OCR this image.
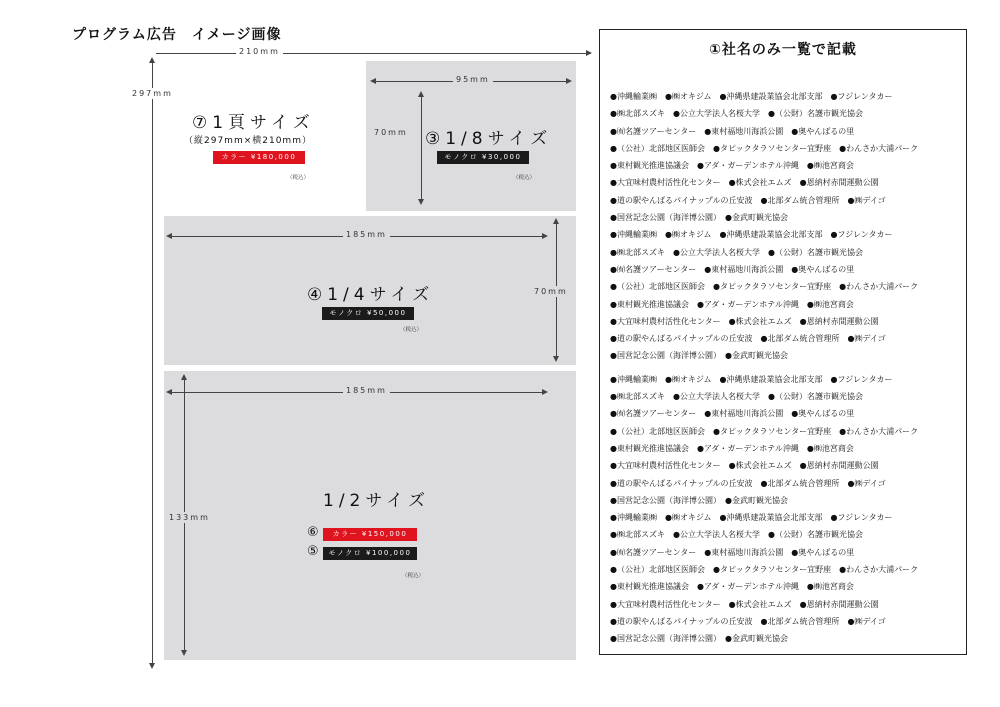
プログラム広告　イメージ画像
210mm
297mm
⑦1頁サイズ
（縦297mm×横210mm）
カラー ¥180,000
（税込）
95mm
70mm ③1/8サイズ
モノクロ ¥30,000
（税込）
185mm
70mm
④1/4サイズ
モノクロ ¥50,000
（税込）
185mm
133mm
1/2サイズ
⑥	カラー ¥150,000
⑤	モノクロ ¥100,000
（税込）
①社名のみ一覧で記載
●沖縄輸業㈱　●㈱オキジム　●沖縄県建設業協会北部支部　●フジレンタカー
●㈱北部スズキ　●公立大学法人名桜大学　●（公財）名護市観光協会
●㈲名護ツアーセンター　●東村福地川海浜公園　●奥やんばるの里
●（公社）北部地区医師会　●タピックタラソセンター宜野座　●わんさか大浦パーク
●東村観光推進協議会　●アダ・ガーデンホテル沖縄　●㈱池宮商会
●大宜味村農村活性化センター　●株式会社エムズ　●恩納村赤間運動公園
●道の駅やんばるパイナップルの丘安波　●北部ダム統合管理所　●㈱デイゴ
●国営記念公園（海洋博公園）　●金武町観光協会
●沖縄輸業㈱　●㈱オキジム　●沖縄県建設業協会北部支部　●フジレンタカー
●㈱北部スズキ　●公立大学法人名桜大学　●（公財）名護市観光協会
●㈲名護ツアーセンター　●東村福地川海浜公園　●奥やんばるの里
●（公社）北部地区医師会　●タピックタラソセンター宜野座　●わんさか大浦パーク
●東村観光推進協議会　●アダ・ガーデンホテル沖縄　●㈱池宮商会
●大宜味村農村活性化センター　●株式会社エムズ　●恩納村赤間運動公園
●道の駅やんばるパイナップルの丘安波　●北部ダム統合管理所　●㈱デイゴ
●国営記念公園（海洋博公園）　●金武町観光協会
●沖縄輸業㈱　●㈱オキジム　●沖縄県建設業協会北部支部　●フジレンタカー
●㈱北部スズキ　●公立大学法人名桜大学　●（公財）名護市観光協会
●㈲名護ツアーセンター　●東村福地川海浜公園　●奥やんばるの里
●（公社）北部地区医師会　●タピックタラソセンター宜野座　●わんさか大浦パーク
●東村観光推進協議会　●アダ・ガーデンホテル沖縄　●㈱池宮商会
●大宜味村農村活性化センター　●株式会社エムズ　●恩納村赤間運動公園
●道の駅やんばるパイナップルの丘安波　●北部ダム統合管理所　●㈱デイゴ
●国営記念公園（海洋博公園）　●金武町観光協会
●沖縄輸業㈱　●㈱オキジム　●沖縄県建設業協会北部支部　●フジレンタカー
●㈱北部スズキ　●公立大学法人名桜大学　●（公財）名護市観光協会
●㈲名護ツアーセンター　●東村福地川海浜公園　●奥やんばるの里
●（公社）北部地区医師会　●タピックタラソセンター宜野座　●わんさか大浦パーク
●東村観光推進協議会　●アダ・ガーデンホテル沖縄　●㈱池宮商会
●大宜味村農村活性化センター　●株式会社エムズ　●恩納村赤間運動公園
●道の駅やんばるパイナップルの丘安波　●北部ダム統合管理所　●㈱デイゴ
●国営記念公園（海洋博公園）　●金武町観光協会
